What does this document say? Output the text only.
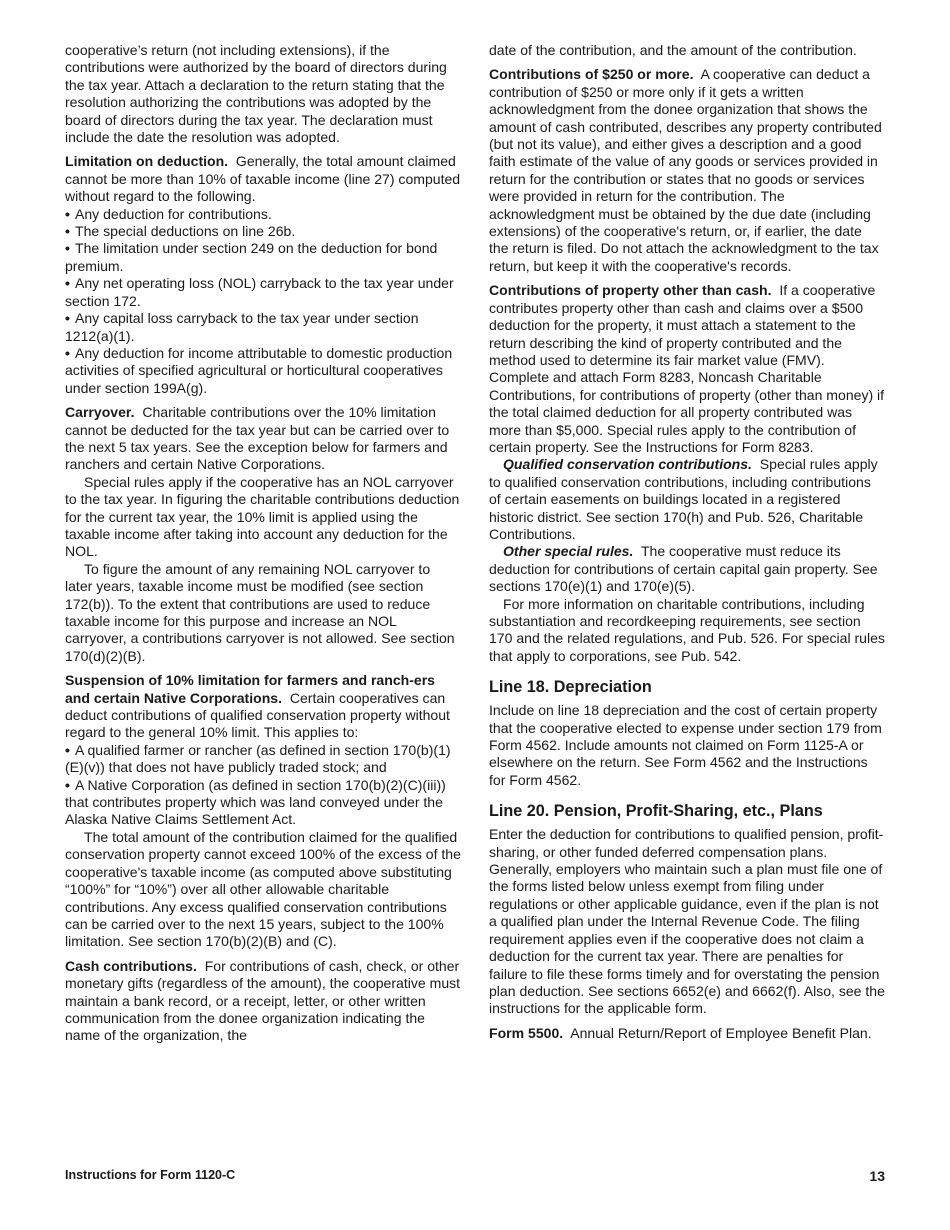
cooperative’s return (not including extensions), if the contributions were authorized by the board of directors during the tax year. Attach a declaration to the return stating that the resolution authorizing the contributions was adopted by the board of directors during the tax year. The declaration must include the date the resolution was adopted.

Limitation on deduction. Generally, the total amount claimed cannot be more than 10% of taxable income (line 27) computed without regard to the following.

• Any deduction for contributions.

• The special deductions on line 26b.

• The limitation under section 249 on the deduction for bond premium.

• Any net operating loss (NOL) carryback to the tax year under section 172.

• Any capital loss carryback to the tax year under section 1212(a)(1).

• Any deduction for income attributable to domestic production activities of specified agricultural or horticultural cooperatives under section 199A(g).

Carryover. Charitable contributions over the 10% limitation cannot be deducted for the tax year but can be carried over to the next 5 tax years. See the exception below for farmers and ranchers and certain Native Corporations.

Special rules apply if the cooperative has an NOL carryover to the tax year. In figuring the charitable contributions deduction for the current tax year, the 10% limit is applied using the taxable income after taking into account any deduction for the NOL.

To figure the amount of any remaining NOL carryover to later years, taxable income must be modified (see section 172(b)). To the extent that contributions are used to reduce taxable income for this purpose and increase an NOL carryover, a contributions carryover is not allowed. See section 170(d)(2)(B).

Suspension of 10% limitation for farmers and ranch-ers and certain Native Corporations. Certain cooperatives can deduct contributions of qualified conservation property without regard to the general 10% limit. This applies to:

• A qualified farmer or rancher (as defined in section 170(b)(1)(E)(v)) that does not have publicly traded stock; and

• A Native Corporation (as defined in section 170(b)(2)(C)(iii)) that contributes property which was land conveyed under the Alaska Native Claims Settlement Act.

The total amount of the contribution claimed for the qualified conservation property cannot exceed 100% of the excess of the cooperative's taxable income (as computed above substituting “100%” for “10%”) over all other allowable charitable contributions. Any excess qualified conservation contributions can be carried over to the next 15 years, subject to the 100% limitation. See section 170(b)(2)(B) and (C).

Cash contributions. For contributions of cash, check, or other monetary gifts (regardless of the amount), the cooperative must maintain a bank record, or a receipt, letter, or other written communication from the donee organization indicating the name of the organization, the

date of the contribution, and the amount of the contribution.

Contributions of $250 or more. A cooperative can deduct a contribution of $250 or more only if it gets a written acknowledgment from the donee organization that shows the amount of cash contributed, describes any property contributed (but not its value), and either gives a description and a good faith estimate of the value of any goods or services provided in return for the contribution or states that no goods or services were provided in return for the contribution. The acknowledgment must be obtained by the due date (including extensions) of the cooperative's return, or, if earlier, the date the return is filed. Do not attach the acknowledgment to the tax return, but keep it with the cooperative's records.

Contributions of property other than cash. If a cooperative contributes property other than cash and claims over a $500 deduction for the property, it must attach a statement to the return describing the kind of property contributed and the method used to determine its fair market value (FMV). Complete and attach Form 8283, Noncash Charitable Contributions, for contributions of property (other than money) if the total claimed deduction for all property contributed was more than $5,000. Special rules apply to the contribution of certain property. See the Instructions for Form 8283.

Qualified conservation contributions. Special rules apply to qualified conservation contributions, including contributions of certain easements on buildings located in a registered historic district. See section 170(h) and Pub. 526, Charitable Contributions.

Other special rules. The cooperative must reduce its deduction for contributions of certain capital gain property. See sections 170(e)(1) and 170(e)(5).

For more information on charitable contributions, including substantiation and recordkeeping requirements, see section 170 and the related regulations, and Pub. 526. For special rules that apply to corporations, see Pub. 542.

Line 18. Depreciation

Include on line 18 depreciation and the cost of certain property that the cooperative elected to expense under section 179 from Form 4562. Include amounts not claimed on Form 1125-A or elsewhere on the return. See Form 4562 and the Instructions for Form 4562.

Line 20. Pension, Profit-Sharing, etc., Plans

Enter the deduction for contributions to qualified pension, profit-sharing, or other funded deferred compensation plans. Generally, employers who maintain such a plan must file one of the forms listed below unless exempt from filing under regulations or other applicable guidance, even if the plan is not a qualified plan under the Internal Revenue Code. The filing requirement applies even if the cooperative does not claim a deduction for the current tax year. There are penalties for failure to file these forms timely and for overstating the pension plan deduction. See sections 6652(e) and 6662(f). Also, see the instructions for the applicable form.

Form 5500. Annual Return/Report of Employee Benefit Plan.

Instructions for Form 1120-C	13
